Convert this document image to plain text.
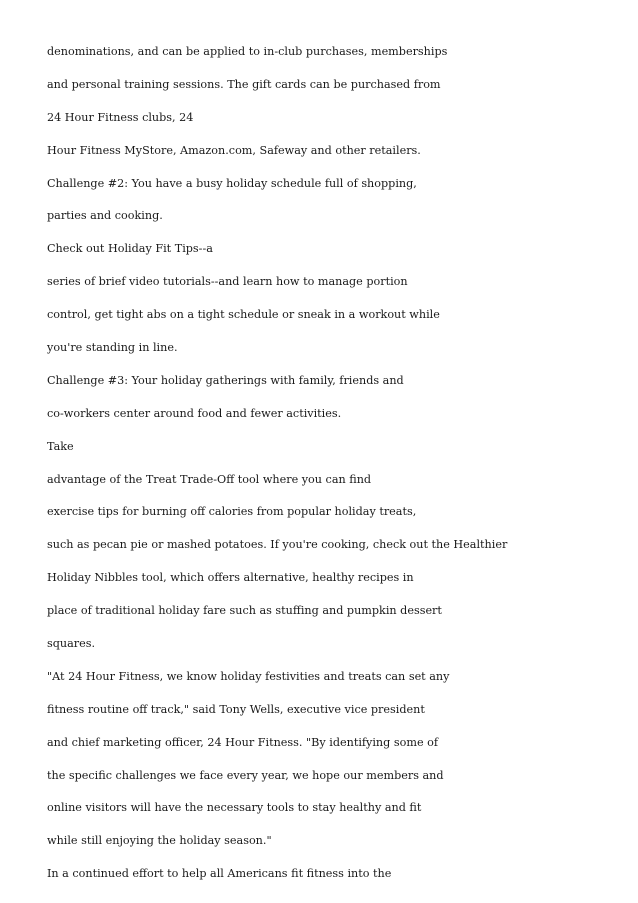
denominations, and can be applied to in-club purchases, memberships

and personal training sessions. The gift cards can be purchased from

24 Hour Fitness clubs, 24

Hour Fitness MyStore, Amazon.com, Safeway and other retailers.

Challenge #2: You have a busy holiday schedule full of shopping,

parties and cooking.

Check out Holiday Fit Tips--a

series of brief video tutorials--and learn how to manage portion

control, get tight abs on a tight schedule or sneak in a workout while

you're standing in line.

Challenge #3: Your holiday gatherings with family, friends and

co-workers center around food and fewer activities.

Take

advantage of the Treat Trade-Off tool where you can find

exercise tips for burning off calories from popular holiday treats,

such as pecan pie or mashed potatoes. If you're cooking, check out the Healthier

Holiday Nibbles tool, which offers alternative, healthy recipes in

place of traditional holiday fare such as stuffing and pumpkin dessert

squares.

"At 24 Hour Fitness, we know holiday festivities and treats can set any

fitness routine off track," said Tony Wells, executive vice president

and chief marketing officer, 24 Hour Fitness. "By identifying some of

the specific challenges we face every year, we hope our members and

online visitors will have the necessary tools to stay healthy and fit

while still enjoying the holiday season."

In a continued effort to help all Americans fit fitness into the
